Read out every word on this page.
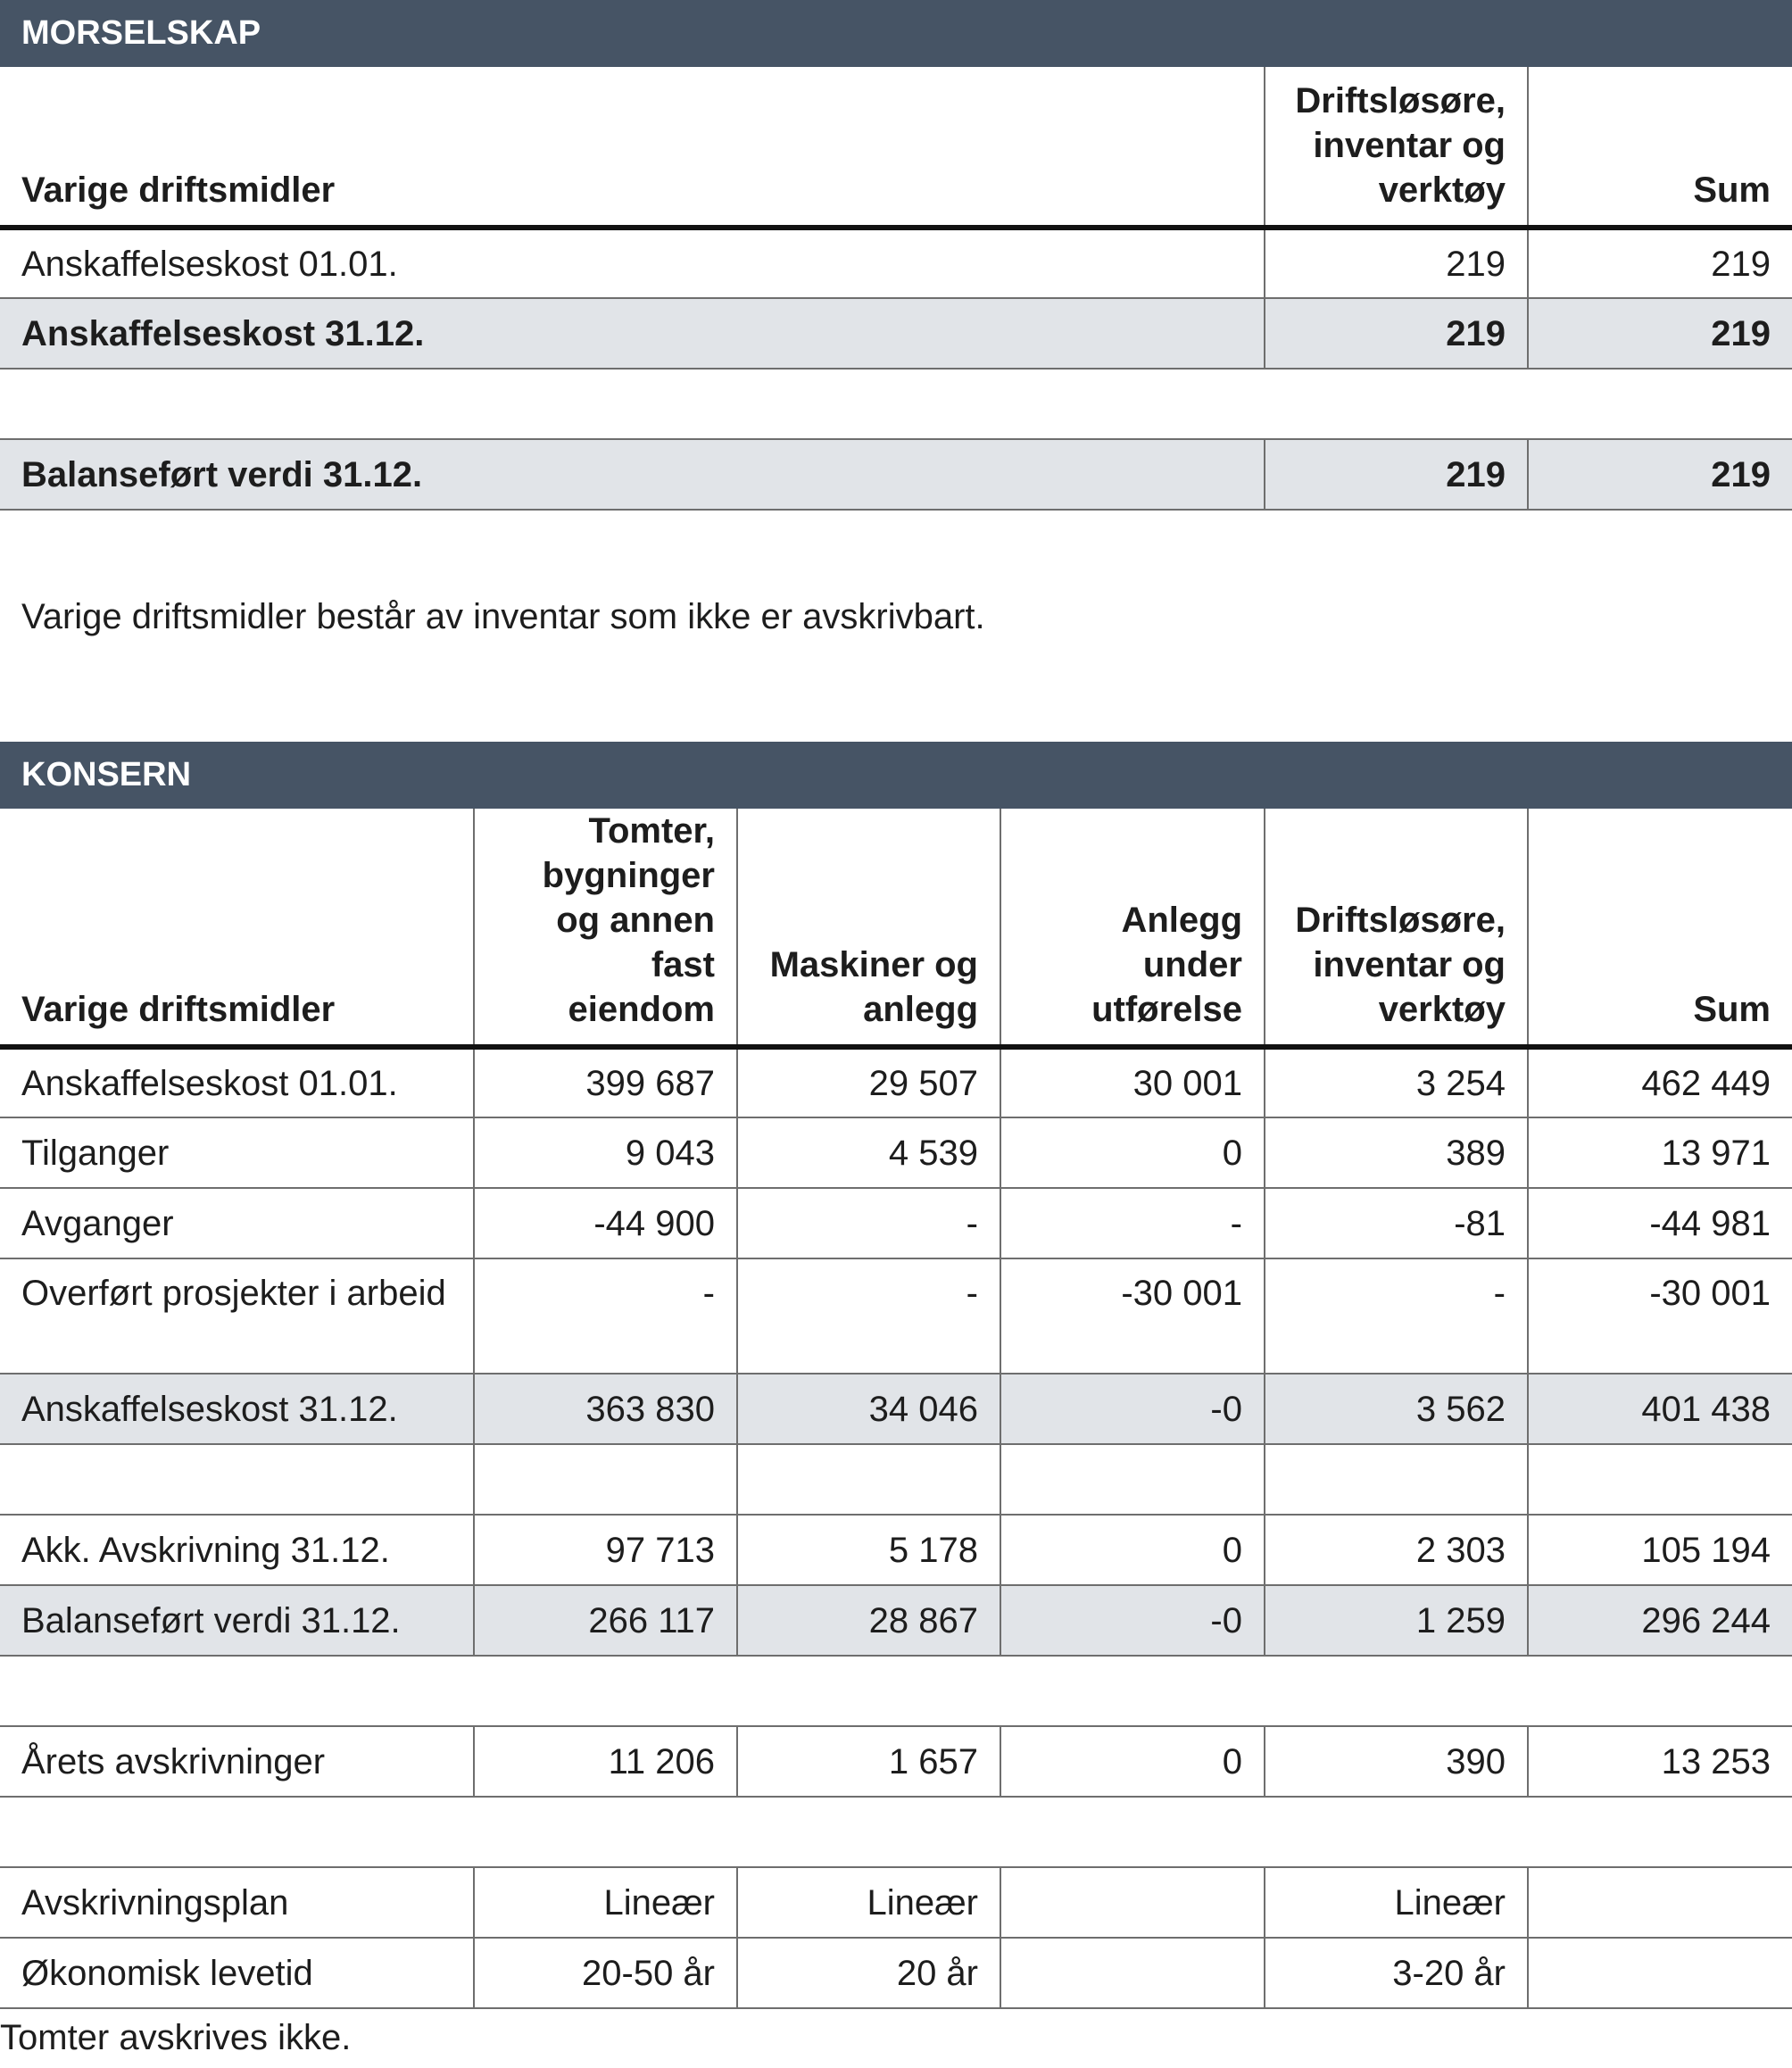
MORSELSKAP
Varige driftsmidler	Driftsløsøre, inventar og verktøy	Sum
Anskaffelseskost 01.01.	219	219
Anskaffelseskost 31.12.	219	219

Balanseført verdi 31.12.	219	219
Varige driftsmidler består av inventar som ikke er avskrivbart.
KONSERN
Varige driftsmidler	Tomter, bygninger og annen fast eiendom	Maskiner og anlegg	Anlegg under utførelse	Driftsløsøre, inventar og verktøy	Sum
Anskaffelseskost 01.01.	399 687	29 507	30 001	3 254	462 449
Tilganger	9 043	4 539	0	389	13 971
Avganger	-44 900	-	-	-81	-44 981
Overført prosjekter i arbeid	-	-	-30 001	-	-30 001
Anskaffelseskost 31.12.	363 830	34 046	-0	3 562	401 438

Akk. Avskrivning 31.12.	97 713	5 178	0	2 303	105 194
Balanseført verdi 31.12.	266 117	28 867	-0	1 259	296 244

Årets avskrivninger	11 206	1 657	0	390	13 253

Avskrivningsplan	Lineær	Lineær		Lineær	
Økonomisk levetid	20-50 år	20 år		3-20 år	
Tomter avskrives ikke.
